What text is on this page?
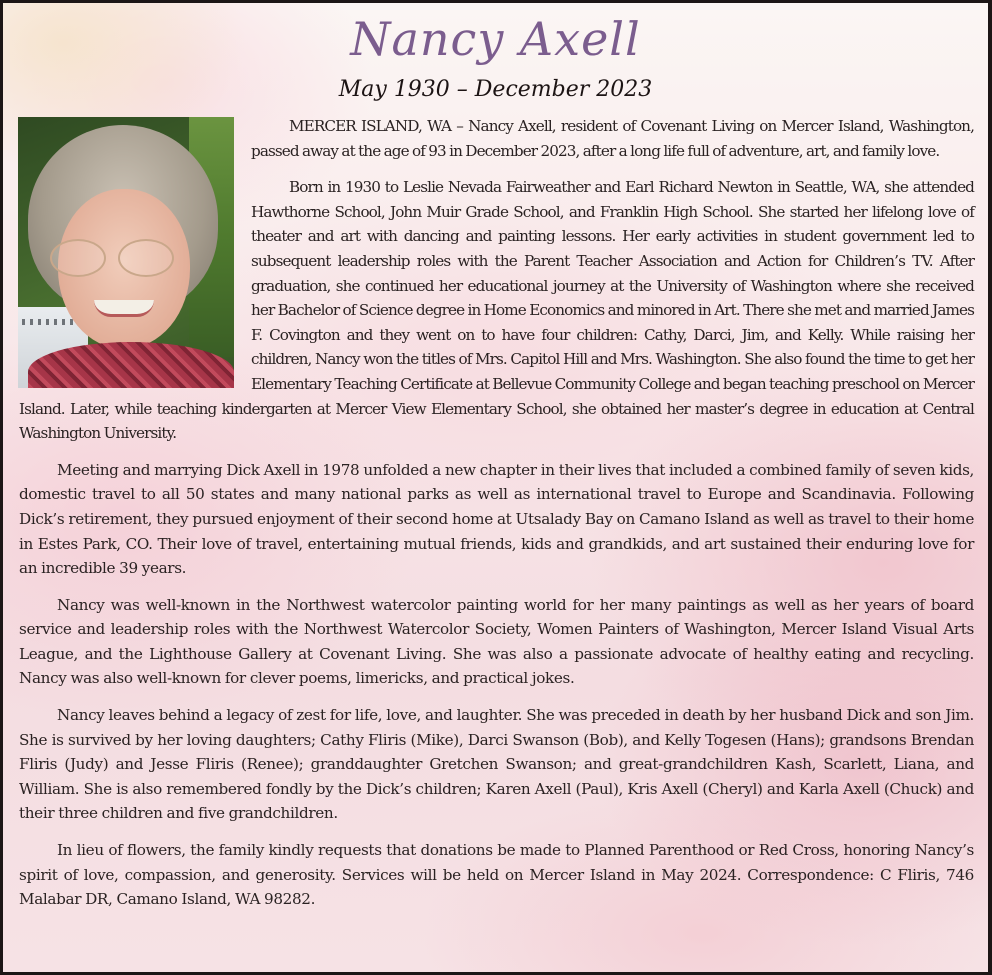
Nancy Axell
May 1930 – December 2023

MERCER ISLAND, WA – Nancy Axell, resident of Covenant Living on Mercer Island, Washington, passed away at the age of 93 in December 2023, after a long life full of adventure, art, and family love.

Born in 1930 to Leslie Nevada Fairweather and Earl Richard Newton in Seattle, WA, she attended Hawthorne School, John Muir Grade School, and Franklin High School. She started her lifelong love of theater and art with dancing and painting lessons. Her early activities in student government led to subsequent leadership roles with the Parent Teacher Association and Action for Children’s TV. After graduation, she continued her educational journey at the University of Washington where she received her Bachelor of Science degree in Home Economics and minored in Art. There she met and married James F. Covington and they went on to have four children: Cathy, Darci, Jim, and Kelly. While raising her children, Nancy won the titles of Mrs. Capitol Hill and Mrs. Washington. She also found the time to get her Elementary Teaching Certificate at Bellevue Community College and began teaching preschool on Mercer Island. Later, while teaching kindergarten at Mercer View Elementary School, she obtained her master’s degree in education at Central Washington University.

Meeting and marrying Dick Axell in 1978 unfolded a new chapter in their lives that included a combined family of seven kids, domestic travel to all 50 states and many national parks as well as international travel to Europe and Scandinavia. Following Dick’s retirement, they pursued enjoyment of their second home at Utsalady Bay on Camano Island as well as travel to their home in Estes Park, CO. Their love of travel, entertaining mutual friends, kids and grandkids, and art sustained their enduring love for an incredible 39 years.

Nancy was well-known in the Northwest watercolor painting world for her many paintings as well as her years of board service and leadership roles with the Northwest Watercolor Society, Women Painters of Washington, Mercer Island Visual Arts League, and the Lighthouse Gallery at Covenant Living. She was also a passionate advocate of healthy eating and recycling. Nancy was also well-known for clever poems, limericks, and practical jokes.

Nancy leaves behind a legacy of zest for life, love, and laughter. She was preceded in death by her husband Dick and son Jim. She is survived by her loving daughters; Cathy Fliris (Mike), Darci Swanson (Bob), and Kelly Togesen (Hans); grandsons Brendan Fliris (Judy) and Jesse Fliris (Renee); granddaughter Gretchen Swanson; and great-grandchildren Kash, Scarlett, Liana, and William. She is also remembered fondly by the Dick’s children; Karen Axell (Paul), Kris Axell (Cheryl) and Karla Axell (Chuck) and their three children and five grandchildren.

In lieu of flowers, the family kindly requests that donations be made to Planned Parenthood or Red Cross, honoring Nancy’s spirit of love, compassion, and generosity. Services will be held on Mercer Island in May 2024. Correspondence: C Fliris, 746 Malabar DR, Camano Island, WA 98282.
